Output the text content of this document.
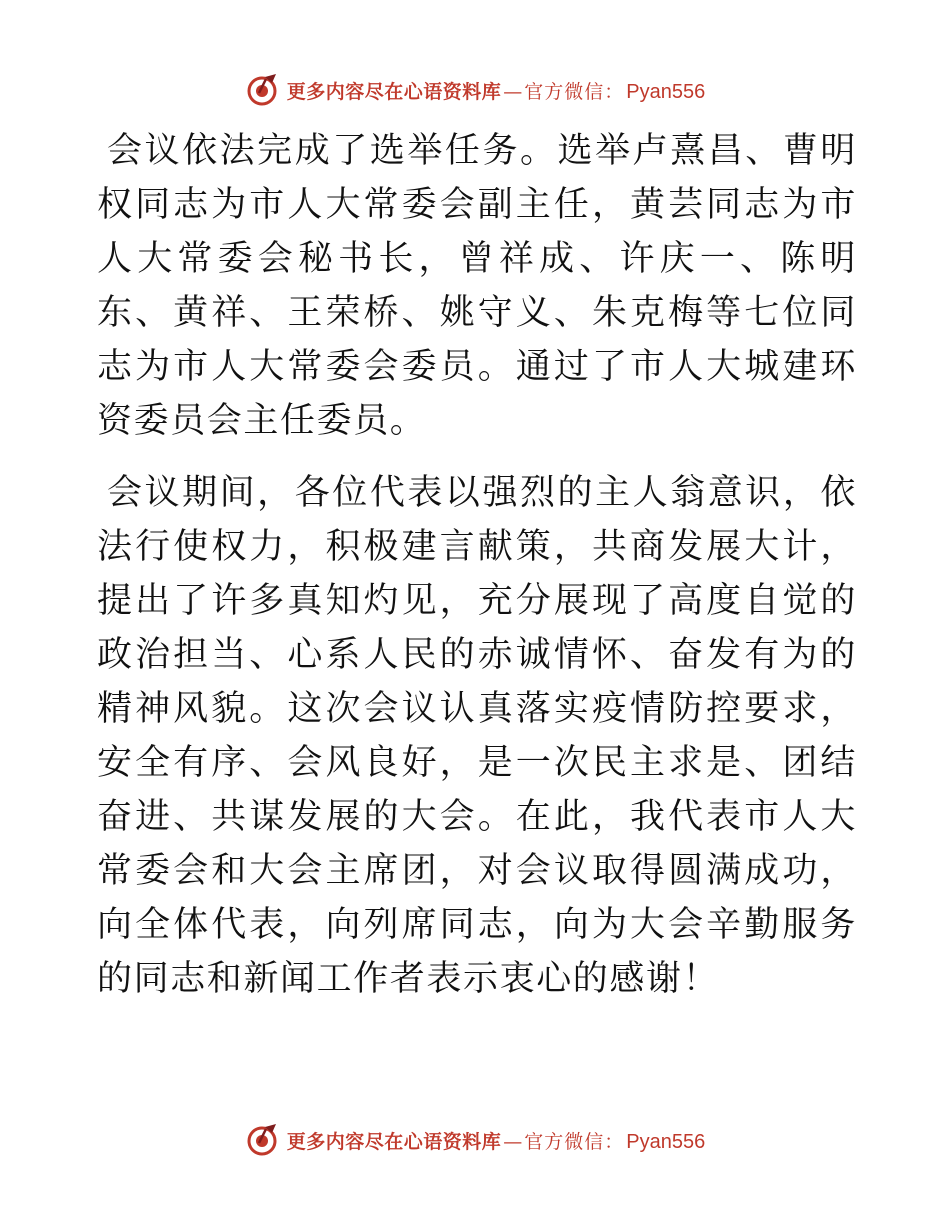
更多内容尽在心语资料库 — 官方微信： Pyan556

会议依法完成了选举任务。选举卢熹昌、曹明权同志为市人大常委会副主任，黄芸同志为市人大常委会秘书长，曾祥成、许庆一、陈明东、黄祥、王荣桥、姚守义、朱克梅等七位同志为市人大常委会委员。通过了市人大城建环资委员会主任委员。

会议期间，各位代表以强烈的主人翁意识，依法行使权力，积极建言献策，共商发展大计，提出了许多真知灼见，充分展现了高度自觉的政治担当、心系人民的赤诚情怀、奋发有为的精神风貌。这次会议认真落实疫情防控要求，安全有序、会风良好，是一次民主求是、团结奋进、共谋发展的大会。在此，我代表市人大常委会和大会主席团，对会议取得圆满成功，向全体代表，向列席同志，向为大会辛勤服务的同志和新闻工作者表示衷心的感谢！

更多内容尽在心语资料库 — 官方微信： Pyan556
